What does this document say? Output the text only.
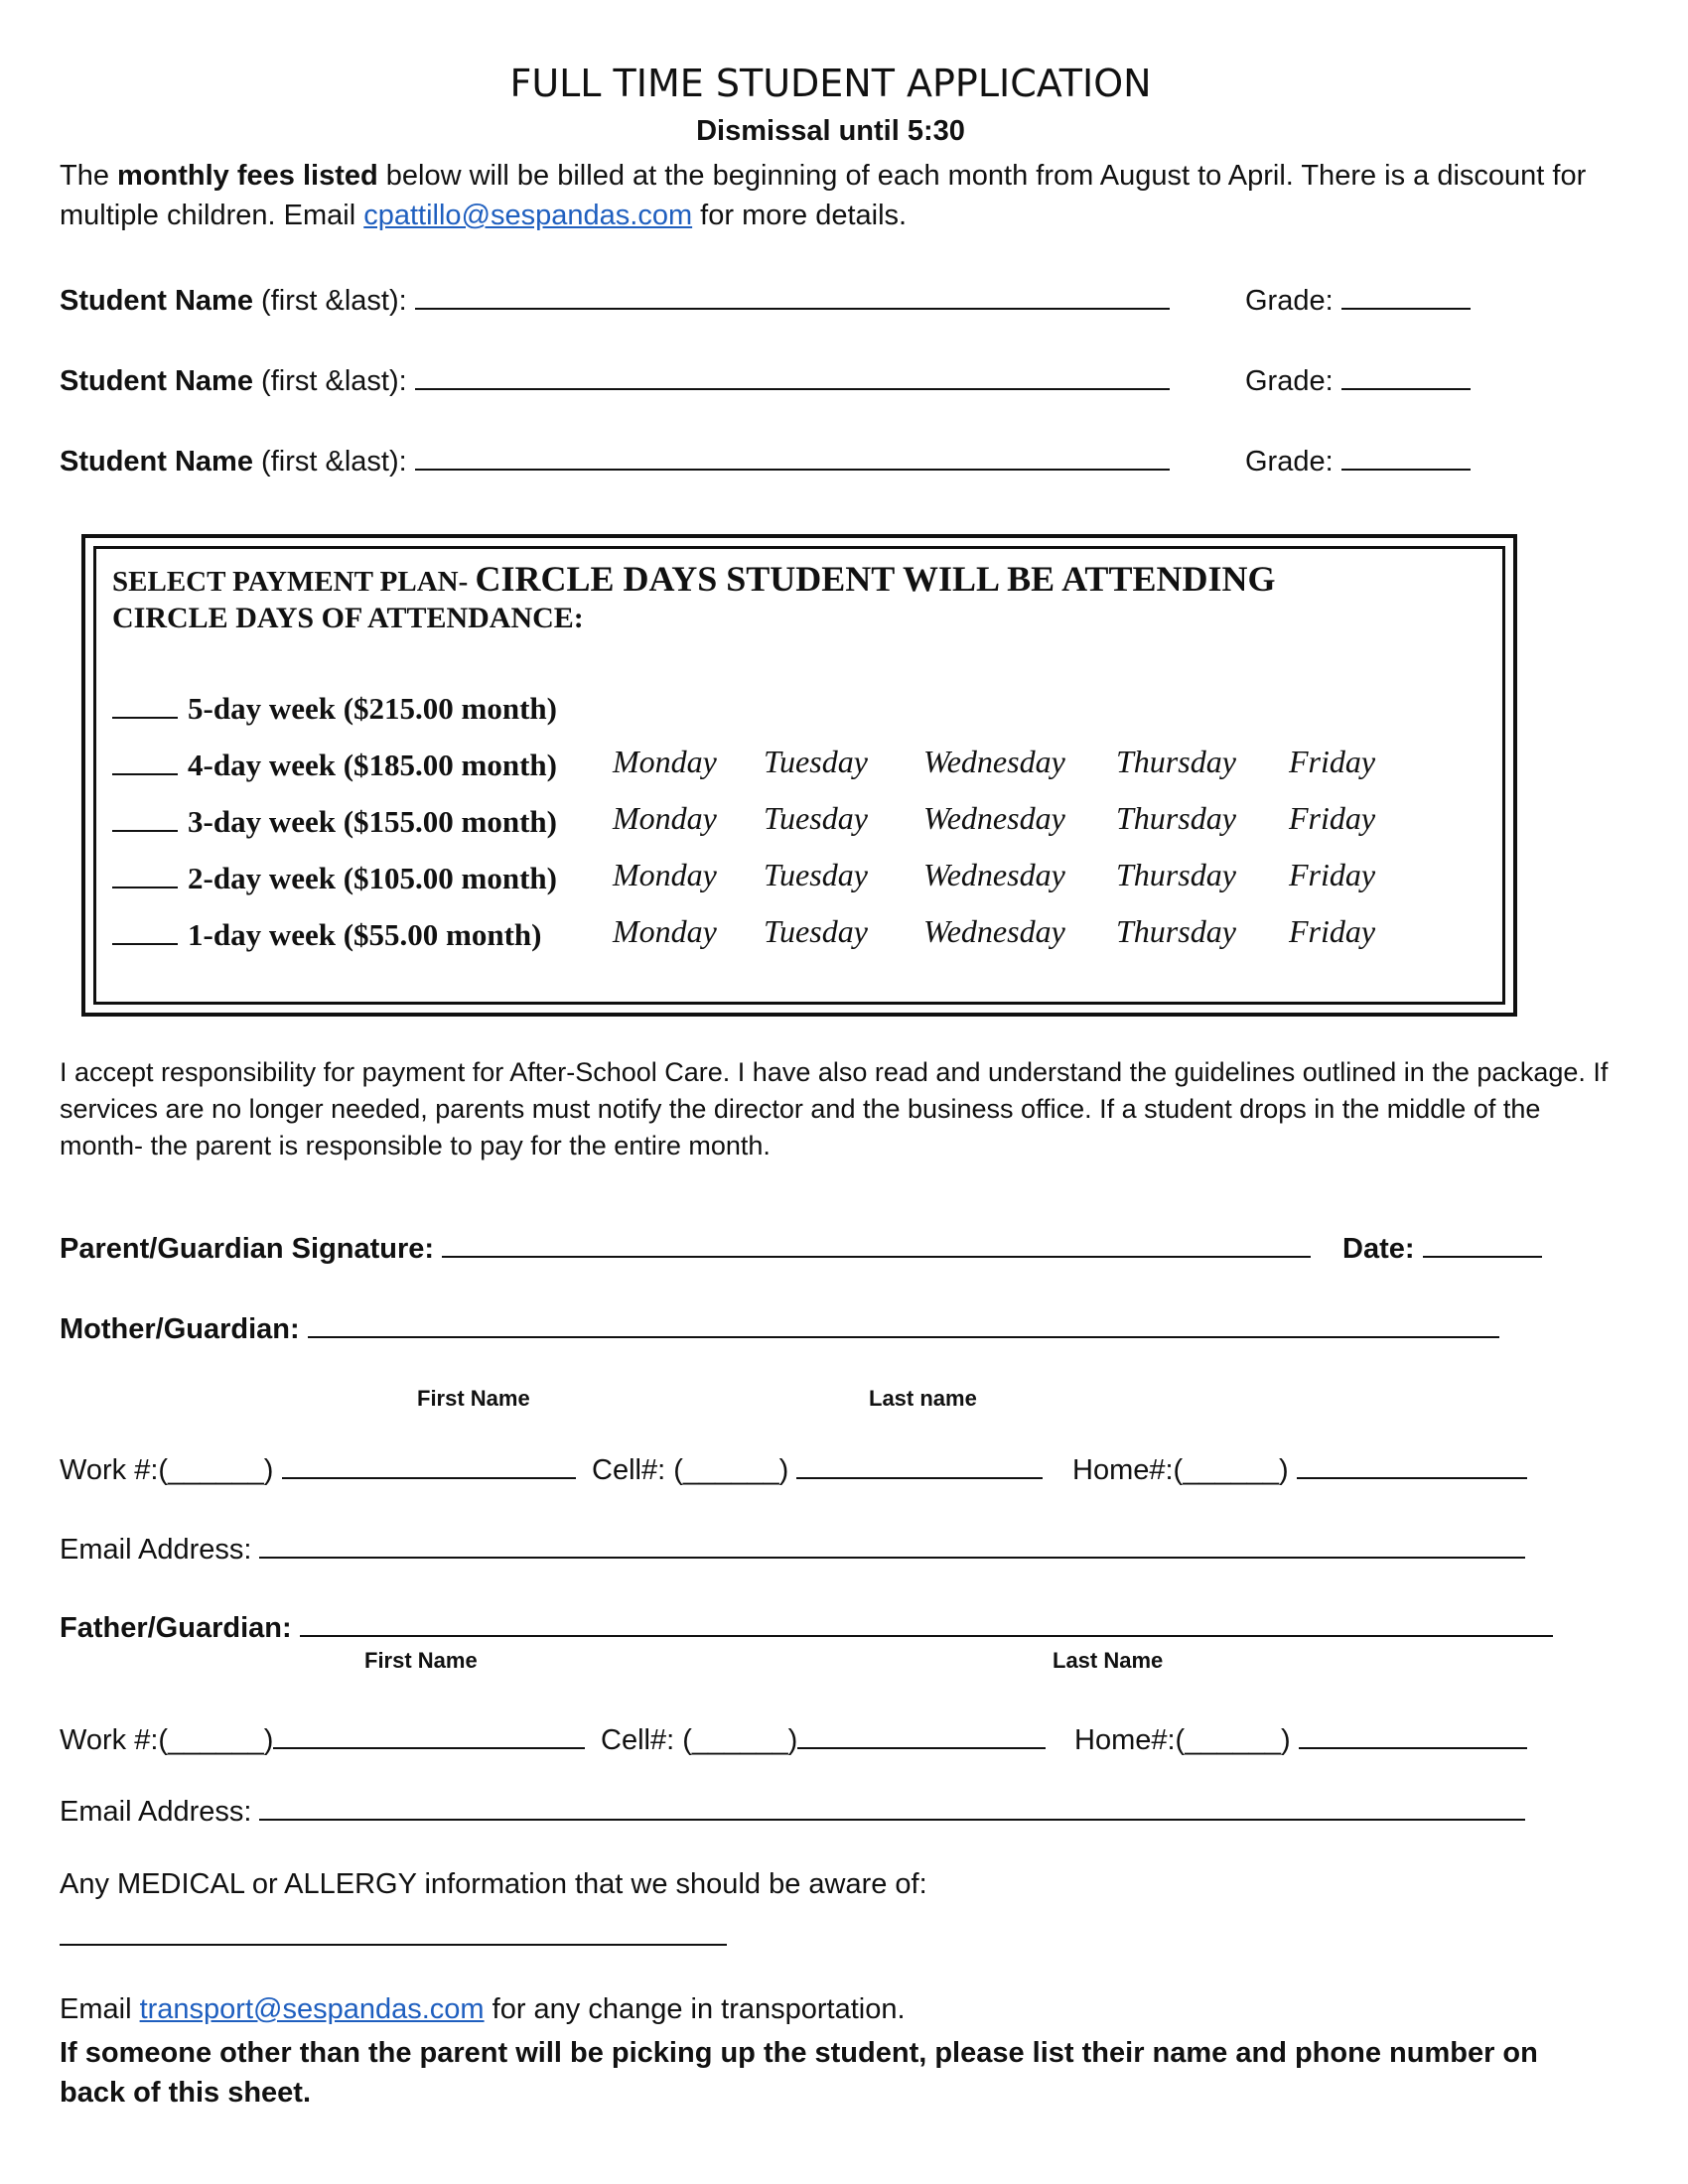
FULL TIME STUDENT APPLICATION
Dismissal until 5:30
The monthly fees listed below will be billed at the beginning of each month from August to April. There is a discount for multiple children. Email cpattillo@sespandas.com for more details.
Student Name (first &last):	Grade:
Student Name (first &last):	Grade:
Student Name (first &last):	Grade:
SELECT PAYMENT PLAN- CIRCLE DAYS STUDENT WILL BE ATTENDING
CIRCLE DAYS OF ATTENDANCE:
5-day week ($215.00 month)
4-day week ($185.00 month) Monday Tuesday Wednesday Thursday Friday
3-day week ($155.00 month) Monday Tuesday Wednesday Thursday Friday
2-day week ($105.00 month) Monday Tuesday Wednesday Thursday Friday
1-day week ($55.00 month) Monday Tuesday Wednesday Thursday Friday
I accept responsibility for payment for After-School Care. I have also read and understand the guidelines outlined in the package. If services are no longer needed, parents must notify the director and the business office. If a student drops in the middle of the month- the parent is responsible to pay for the entire month.
Parent/Guardian Signature:	Date:
Mother/Guardian:
First Name	Last name
Work #:(______)	Cell#: (______)	Home#:(______)
Email Address:
Father/Guardian:
First Name	Last Name
Work #:(______)	Cell#: (______)	Home#:(______)
Email Address:
Any MEDICAL or ALLERGY information that we should be aware of:
Email transport@sespandas.com for any change in transportation.
If someone other than the parent will be picking up the student, please list their name and phone number on back of this sheet.
